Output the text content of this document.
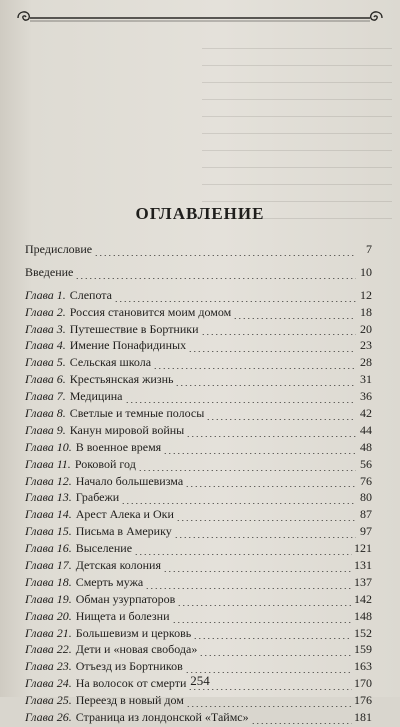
ОГЛАВЛЕНИЕ
Предисловие	7
Введение	10
Глава 1. Слепота	12
Глава 2. Россия становится моим домом	18
Глава 3. Путешествие в Бортники	20
Глава 4. Имение Понафидиных	23
Глава 5. Сельская школа	28
Глава 6. Крестьянская жизнь	31
Глава 7. Медицина	36
Глава 8. Светлые и темные полосы	42
Глава 9. Канун мировой войны	44
Глава 10. В военное время	48
Глава 11. Роковой год	56
Глава 12. Начало большевизма	76
Глава 13. Грабежи	80
Глава 14. Арест Алека и Оки	87
Глава 15. Письма в Америку	97
Глава 16. Выселение	121
Глава 17. Детская колония	131
Глава 18. Смерть мужа	137
Глава 19. Обман узурпаторов	142
Глава 20. Нищета и болезни	148
Глава 21. Большевизм и церковь	152
Глава 22. Дети и «новая свобода»	159
Глава 23. Отъезд из Бортников	163
Глава 24. На волосок от смерти	170
Глава 25. Переезд в новый дом	176
Глава 26. Страница из лондонской «Таймс»	181
254
